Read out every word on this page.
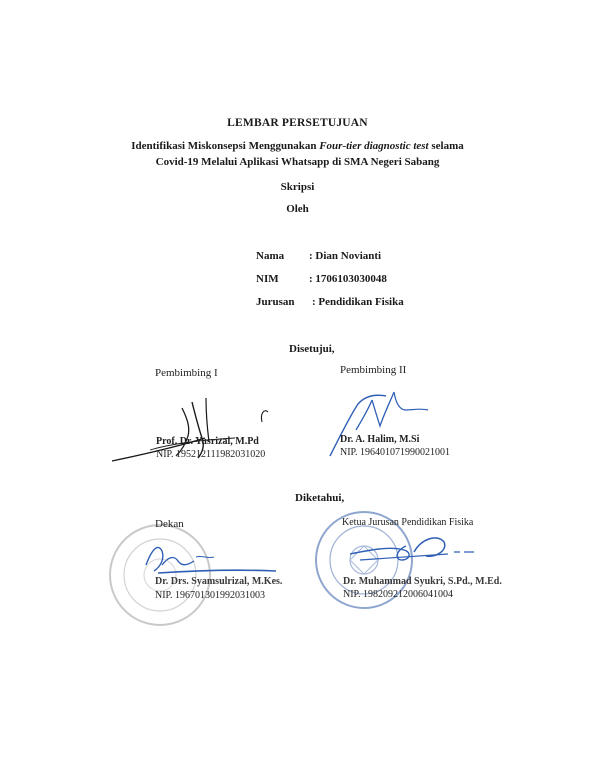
LEMBAR PERSETUJUAN
Identifikasi Miskonsepsi Menggunakan Four-tier diagnostic test selama
Covid-19 Melalui Aplikasi Whatsapp di SMA Negeri Sabang
Skripsi
Oleh
Nama : Dian Novianti
NIM	: 1706103030048
Jurusan : Pendidikan Fisika
Disetujui,
Pembimbing I	Pembimbing II
Prof. Dr. Yusrizal, M.Pd
NIP. 195212111982031020
Dr. A. Halim, M.Si
NIP. 196401071990021001
Diketahui,
Dekan
Dr. Drs. Syamsulrizal, M.Kes.
NIP. 196701301992031003
Ketua Jurusan Pendidikan Fisika
Dr. Muhammad Syukri, S.Pd., M.Ed.
NIP. 198209212006041004
